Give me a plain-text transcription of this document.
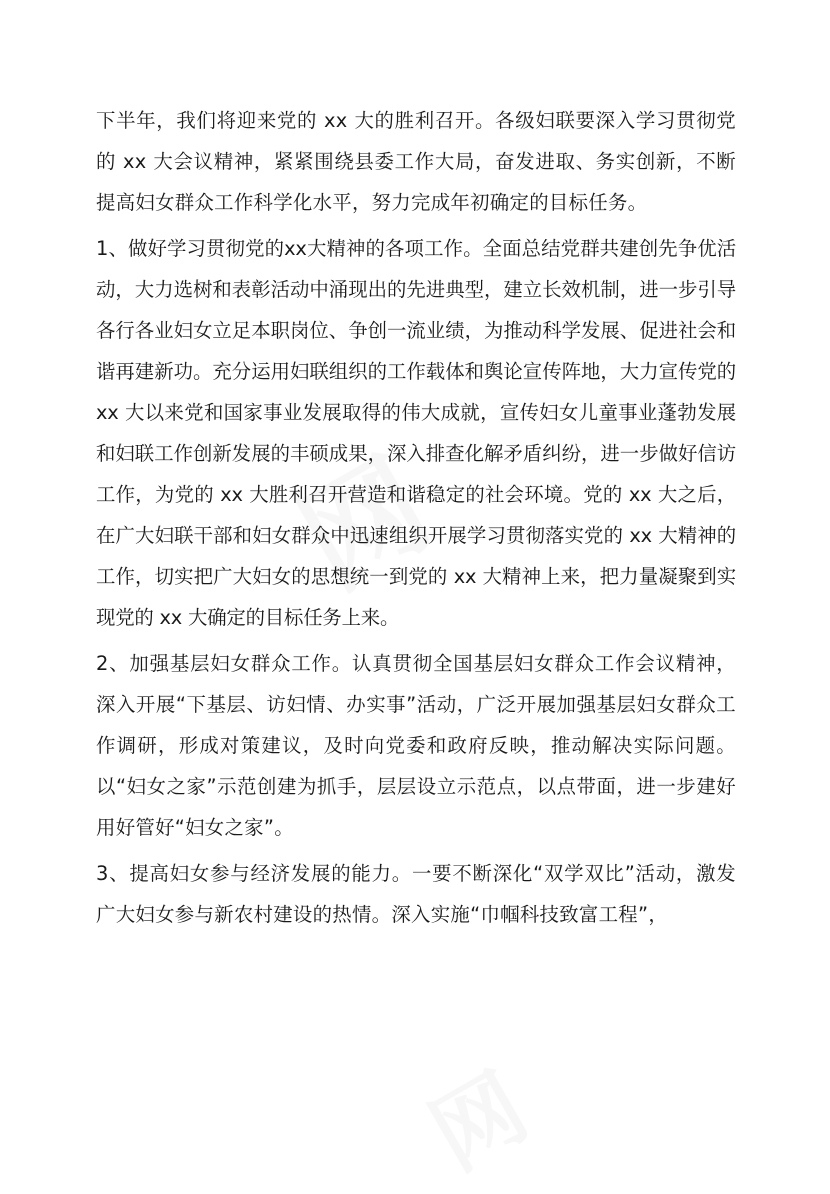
网
网

下半年，我们将迎来党的 xx 大的胜利召开。各级妇联要深入学习贯彻党的 xx 大会议精神，紧紧围绕县委工作大局，奋发进取、务实创新，不断提高妇女群众工作科学化水平，努力完成年初确定的目标任务。

1、做好学习贯彻党的xx大精神的各项工作。全面总结党群共建创先争优活动，大力选树和表彰活动中涌现出的先进典型，建立长效机制，进一步引导各行各业妇女立足本职岗位、争创一流业绩，为推动科学发展、促进社会和谐再建新功。充分运用妇联组织的工作载体和舆论宣传阵地，大力宣传党的 xx 大以来党和国家事业发展取得的伟大成就，宣传妇女儿童事业蓬勃发展和妇联工作创新发展的丰硕成果，深入排查化解矛盾纠纷，进一步做好信访工作，为党的 xx 大胜利召开营造和谐稳定的社会环境。党的 xx 大之后，在广大妇联干部和妇女群众中迅速组织开展学习贯彻落实党的 xx 大精神的工作，切实把广大妇女的思想统一到党的 xx 大精神上来，把力量凝聚到实现党的 xx 大确定的目标任务上来。

2、加强基层妇女群众工作。认真贯彻全国基层妇女群众工作会议精神，深入开展“下基层、访妇情、办实事”活动，广泛开展加强基层妇女群众工作调研，形成对策建议，及时向党委和政府反映，推动解决实际问题。以“妇女之家”示范创建为抓手，层层设立示范点，以点带面，进一步建好用好管好“妇女之家”。

3、提高妇女参与经济发展的能力。一要不断深化“双学双比”活动，激发广大妇女参与新农村建设的热情。深入实施“巾帼科技致富工程”，
